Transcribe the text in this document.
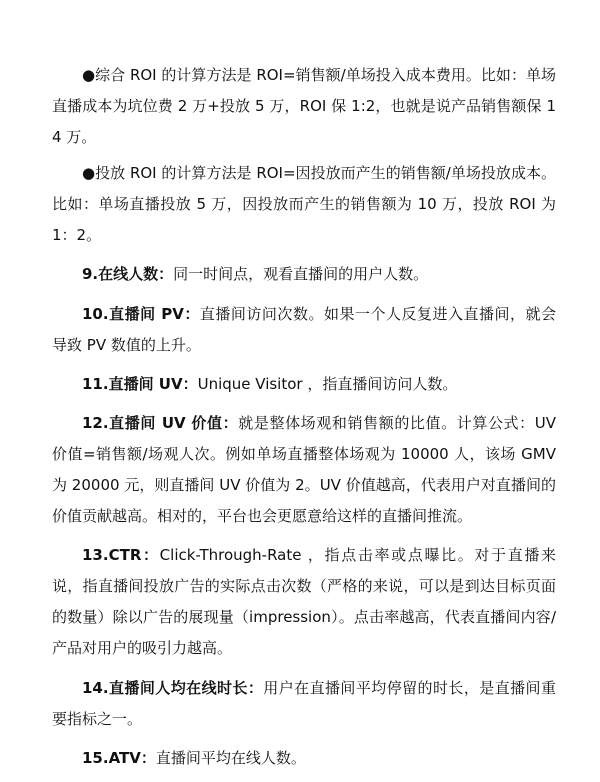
●综合 ROI 的计算方法是 ROI=销售额/单场投入成本费用。比如：单场直播成本为坑位费 2 万+投放 5 万，ROI 保 1:2，也就是说产品销售额保 14 万。

●投放 ROI 的计算方法是 ROI=因投放而产生的销售额/单场投放成本。比如：单场直播投放 5 万，因投放而产生的销售额为 10 万，投放 ROI 为 1：2。

9.在线人数：同一时间点，观看直播间的用户人数。

10.直播间 PV：直播间访问次数。如果一个人反复进入直播间，就会导致 PV 数值的上升。

11.直播间 UV：Unique Visitor ，指直播间访问人数。

12.直播间 UV 价值：就是整体场观和销售额的比值。计算公式：UV 价值=销售额/场观人次。例如单场直播整体场观为 10000 人，该场 GMV 为 20000 元，则直播间 UV 价值为 2。UV 价值越高，代表用户对直播间的价值贡献越高。相对的，平台也会更愿意给这样的直播间推流。

13.CTR：Click-Through-Rate ，指点击率或点曝比。对于直播来说，指直播间投放广告的实际点击次数（严格的来说，可以是到达目标页面的数量）除以广告的展现量（impression）。点击率越高，代表直播间内容/产品对用户的吸引力越高。

14.直播间人均在线时长：用户在直播间平均停留的时长，是直播间重要指标之一。

15.ATV：直播间平均在线人数。
